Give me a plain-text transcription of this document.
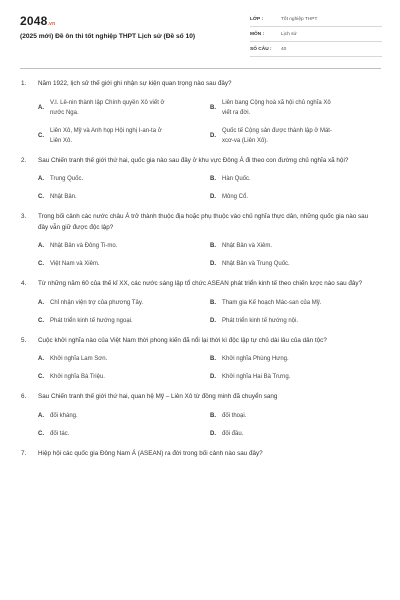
2048.vn
(2025 mới) Đề ôn thi tốt nghiệp THPT Lịch sử (Đề số 10)
LỚP :	Tốt nghiệp THPT
MÔN :	Lịch sử
SỐ CÂU :	40
1. Năm 1922, lịch sử thế giới ghi nhận sự kiện quan trọng nào sau đây?
A.
V.I. Lê-nin thành lập Chính quyền Xô viết ở
nước Nga.
B.
Liên bang Cộng hoà xã hội chủ nghĩa Xô
viết ra đời.
C.
Liên Xô, Mỹ và Anh họp Hội nghị I-an-ta ở
Liên Xô.
D.
Quốc tế Cộng sản được thành lập ở Mát-
xcơ-va (Liên Xô).
2. Sau Chiến tranh thế giới thứ hai, quốc gia nào sau đây ở khu vực Đông Á đi theo con đường chủ nghĩa xã hội?
A. Trung Quốc.	B. Hàn Quốc.
C. Nhật Bản.	D. Mông Cổ.
3. Trong bối cảnh các nước châu Á trở thành thuộc địa hoặc phụ thuộc vào chủ nghĩa thực dân, những quốc gia nào sau đây vẫn giữ được độc lập?
A. Nhật Bản và Đông Ti-mo.	B. Nhật Bản và Xiêm.
C. Việt Nam và Xiêm.	D. Nhật Bản và Trung Quốc.
4. Từ những năm 60 của thế kỉ XX, các nước sáng lập tổ chức ASEAN phát triển kinh tế theo chiến lược nào sau đây?
A. Chỉ nhận viện trợ của phương Tây.	B. Tham gia Kế hoạch Mác-san của Mỹ.
C. Phát triển kinh tế hướng ngoại.	D. Phát triển kinh tế hướng nội.
5. Cuộc khởi nghĩa nào của Việt Nam thời phong kiến đã nổi lại thời kì độc lập tự chủ dài lâu của dân tộc?
A. Khởi nghĩa Lam Sơn.	B. Khởi nghĩa Phùng Hưng.
C. Khởi nghĩa Bà Triệu.	D. Khởi nghĩa Hai Bà Trưng.
6. Sau Chiến tranh thế giới thứ hai, quan hệ Mỹ – Liên Xô từ đồng minh đã chuyển sang
A. đối kháng.	B. đối thoại.
C. đối tác.	D. đối đầu.
7. Hiệp hội các quốc gia Đông Nam Á (ASEAN) ra đời trong bối cảnh nào sau đây?
